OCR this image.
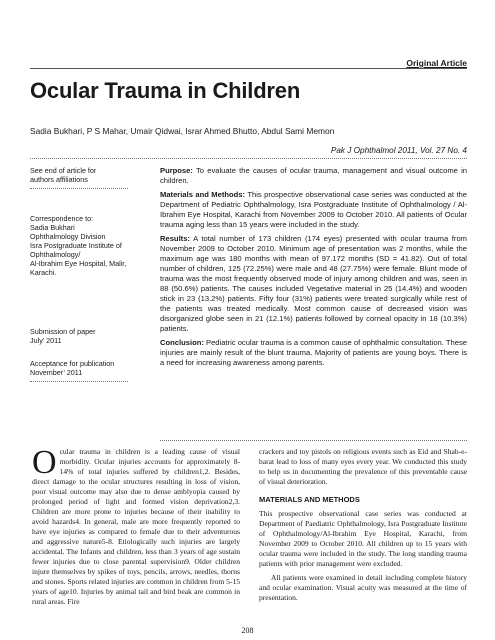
Original Article
Ocular Trauma in Children
Sadia Bukhari, P S Mahar, Umair Qidwai, Israr Ahmed Bhutto, Abdul Sami Memon
Pak J Ophthalmol 2011, Vol. 27 No. 4
See end of article for
authors affiliations
Correspondence to:
Sadia Bukhari
Ophthalmology Division
Isra Postgraduate Institute of
Ophthalmology/
Al-Ibrahim Eye Hospital, Malir,
Karachi.
Submission of paper
July’ 2011
Acceptance for publication
November’ 2011

Purpose: To evaluate the causes of ocular trauma, management and visual outcome in children.

Materials and Methods: This prospective observational case series was conducted at the Department of Pediatric Ophthalmology, Isra Postgraduate Institute of Ophthalmology / Al-Ibrahim Eye Hospital, Karachi from November 2009 to October 2010. All patients of Ocular trauma aging less than 15 years were included in the study.

Results: A total number of 173 children (174 eyes) presented with ocular trauma from November 2009 to October 2010. Minimum age of presentation was 2 months, while the maximum age was 180 months with mean of 97.172 months (SD = 41.82). Out of total number of children, 125 (72.25%) were male and 48 (27.75%) were female. Blunt mode of trauma was the most frequently observed mode of injury among children and was, seen in 88 (50.6%) patients. The causes included Vegetative material in 25 (14.4%) and wooden stick in 23 (13.2%) patients. Fifty four (31%) patients were treated surgically while rest of the patients was treated medically. Most common cause of decreased vision was disorganized globe seen in 21 (12.1%) patients followed by corneal opacity in 18 (10.3%) patients.

Conclusion: Pediatric ocular trauma is a common cause of ophthalmic consultation. These injuries are mainly result of the blunt trauma. Majority of patients are young boys. There is a need for increasing awareness among parents.

Ocular trauma in children is a leading cause of visual morbidity. Ocular injuries accounts for approximately 8-14% of total injuries suffered by children1,2. Besides, direct damage to the ocular structures resulting in loss of vision, poor visual outcome may also due to dense amblyopia caused by prolonged period of light and formed vision deprivation2,3. Children are more prone to injuries because of their inability to avoid hazards4. In general, male are more frequently reported to have eye injuries as compared to female due to their adventurous and aggressive nature5-8. Etiologically such injuries are largely accidental. The Infants and children, less than 3 years of age sustain fewer injuries due to close parental supervision9. Older children injure themselves by spikes of toys, pencils, arrows, needles, thorns and stones. Sports related injuries are common in children from 5-15 years of age10. Injuries by animal tail and bird beak are common in rural areas. Fire

crackers and toy pistols on religious events such as Eid and Shab-e-barat lead to loss of many eyes every year. We conducted this study to help us in documenting the prevalence of this preventable cause of visual deterioration.

MATERIALS AND METHODS

This prospective observational case series was conducted at Department of Paediatric Ophthalmology, Isra Postgraduate Institute of Ophthalmology/Al-Ibrahim Eye Hospital, Karachi, from November 2009 to October 2010. All children up to 15 years with ocular trauma were included in the study. The long standing trauma patients with prior management were excluded.

All patients were examined in detail including complete history and ocular examination. Visual acuity was measured at the time of presentation.

208
